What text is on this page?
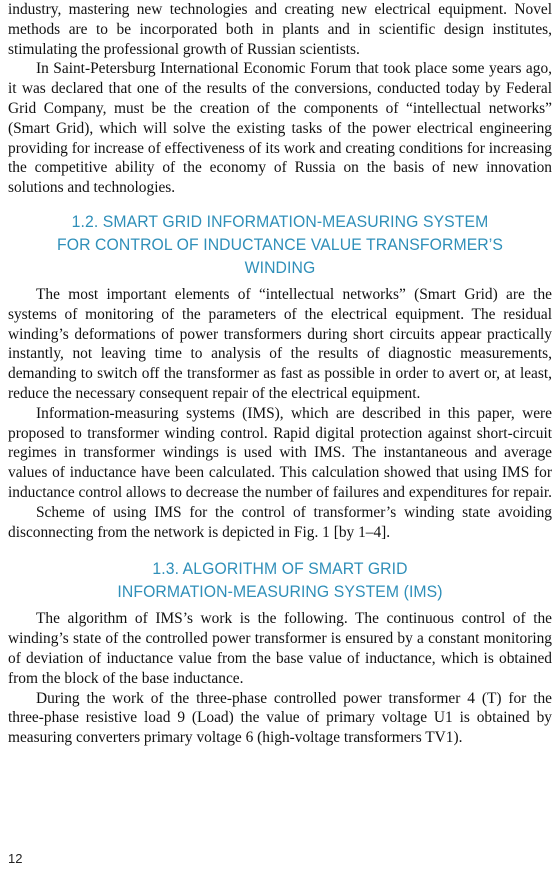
industry, mastering new technologies and creating new electrical equipment. Novel methods are to be incorporated both in plants and in scientific design institutes, stimulating the professional growth of Russian scientists.

In Saint-Petersburg International Economic Forum that took place some years ago, it was declared that one of the results of the conversions, conducted today by Federal Grid Company, must be the creation of the components of “intellectual networks” (Smart Grid), which will solve the existing tasks of the power electrical engineering providing for increase of effectiveness of its work and creating conditions for increasing the competitive ability of the economy of Russia on the basis of new innovation solutions and technologies.

1.2. SMART GRID INFORMATION-MEASURING SYSTEM
FOR CONTROL OF INDUCTANCE VALUE TRANSFORMER’S WINDING

The most important elements of “intellectual networks” (Smart Grid) are the systems of monitoring of the parameters of the electrical equipment. The residual winding’s deformations of power transformers during short circuits appear practically instantly, not leaving time to analysis of the results of diagnostic measurements, demanding to switch off the transformer as fast as possible in order to avert or, at least, reduce the necessary consequent repair of the electrical equipment.

Information-measuring systems (IMS), which are described in this paper, were proposed to transformer winding control. Rapid digital protection against short-circuit regimes in transformer windings is used with IMS. The instantaneous and average values of inductance have been calculated. This calculation showed that using IMS for inductance control allows to decrease the number of failures and expenditures for repair.

Scheme of using IMS for the control of transformer’s winding state avoiding disconnecting from the network is depicted in Fig. 1 [by 1–4].

1.3. ALGORITHM OF SMART GRID
INFORMATION-MEASURING SYSTEM (IMS)

The algorithm of IMS’s work is the following. The continuous control of the winding’s state of the controlled power transformer is ensured by a constant monitoring of deviation of inductance value from the base value of inductance, which is obtained from the block of the base inductance.

During the work of the three-phase controlled power transformer 4 (T) for the three-phase resistive load 9 (Load) the value of primary voltage U1 is obtained by measuring converters primary voltage 6 (high-voltage transformers TV1).

12
